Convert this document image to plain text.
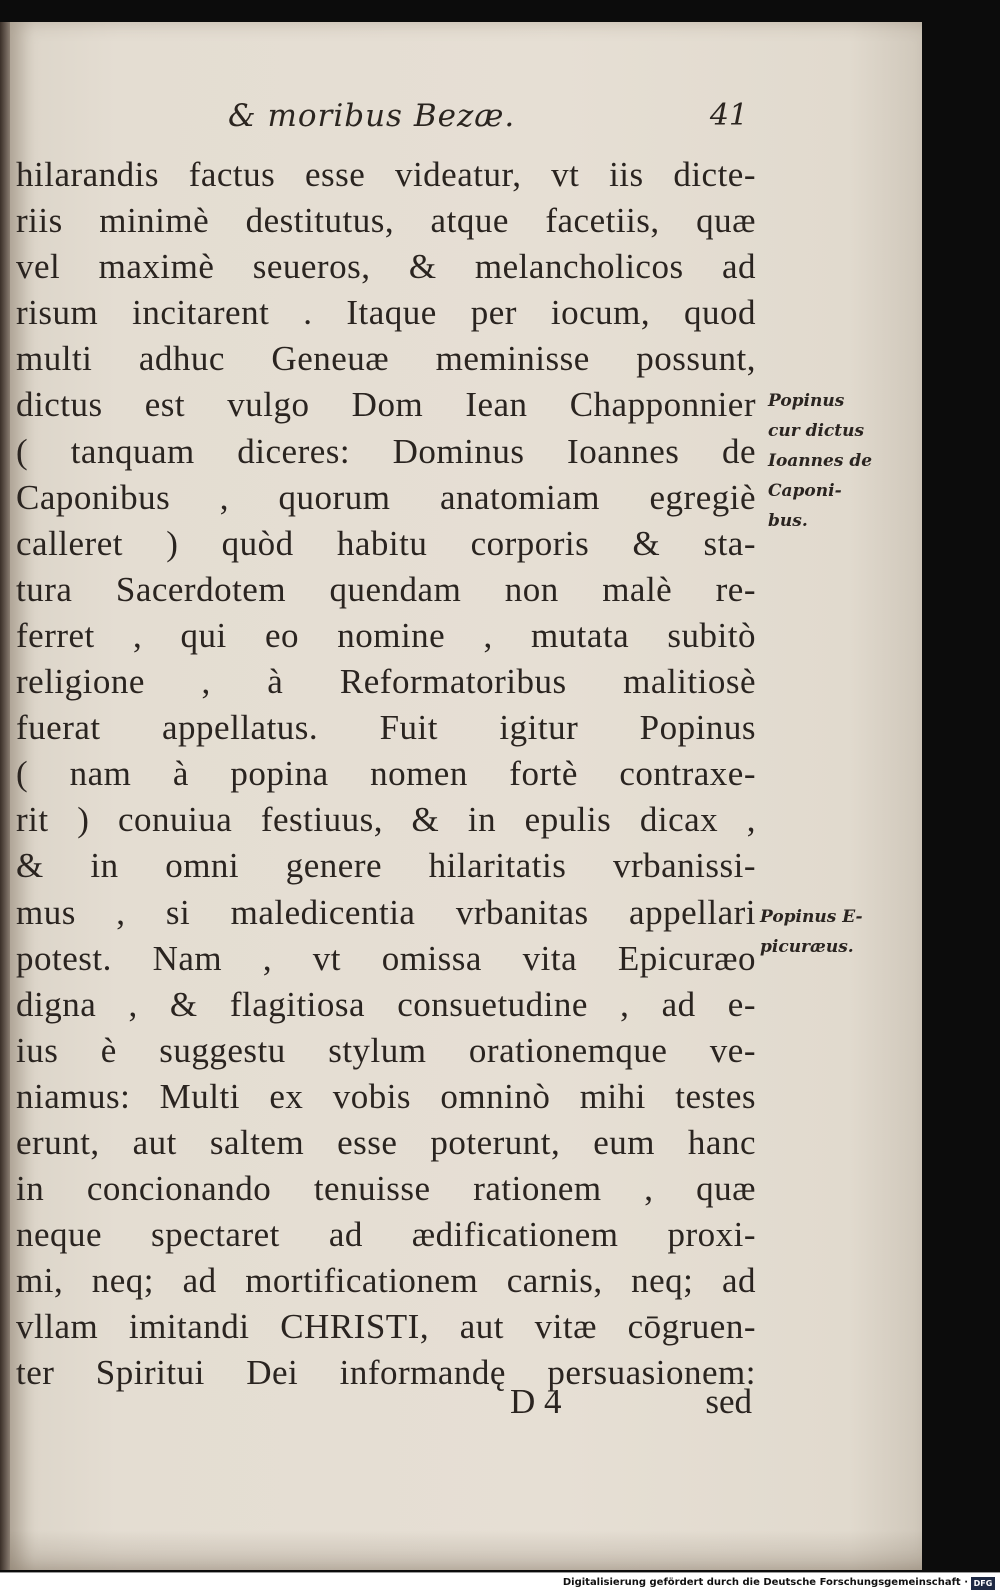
& moribus Bezæ.	41
hilarandis factus esse videatur, vt iis dicte-
riis minimè destitutus, atque facetiis, quæ
vel maximè seueros, & melancholicos ad
risum incitarent . Itaque per iocum, quod
multi adhuc Geneuæ meminisse possunt,
dictus est vulgo Dom Iean Chapponnier
( tanquam diceres: Dominus Ioannes de
Caponibus , quorum anatomiam egregiè
calleret ) quòd habitu corporis & sta-
tura Sacerdotem quendam non malè re-
ferret , qui eo nomine , mutata subitò
religione , à Reformatoribus malitiosè
fuerat appellatus. Fuit igitur Popinus
( nam à popina nomen fortè contraxe-
rit ) conuiua festiuus, & in epulis dicax ,
& in omni genere hilaritatis vrbanissi-
mus , si maledicentia vrbanitas appellari
potest. Nam , vt omissa vita Epicuræo
digna , & flagitiosa consuetudine , ad e-
ius è suggestu stylum orationemque ve-
niamus: Multi ex vobis omninò mihi testes
erunt, aut saltem esse poterunt, eum hanc
in concionando tenuisse rationem , quæ
neque spectaret ad ædificationem proxi-
mi, neq; ad mortificationem carnis, neq; ad
vllam imitandi CHRISTI, aut vitæ cōgruen-
ter Spiritui Dei informandę persuasionem:
D 4	sed
Popinus
cur dictus
Ioannes de
Caponi-
bus.
Popinus E-
picuræus.
Digitalisierung gefördert durch die Deutsche Forschungsgemeinschaft · DFG
